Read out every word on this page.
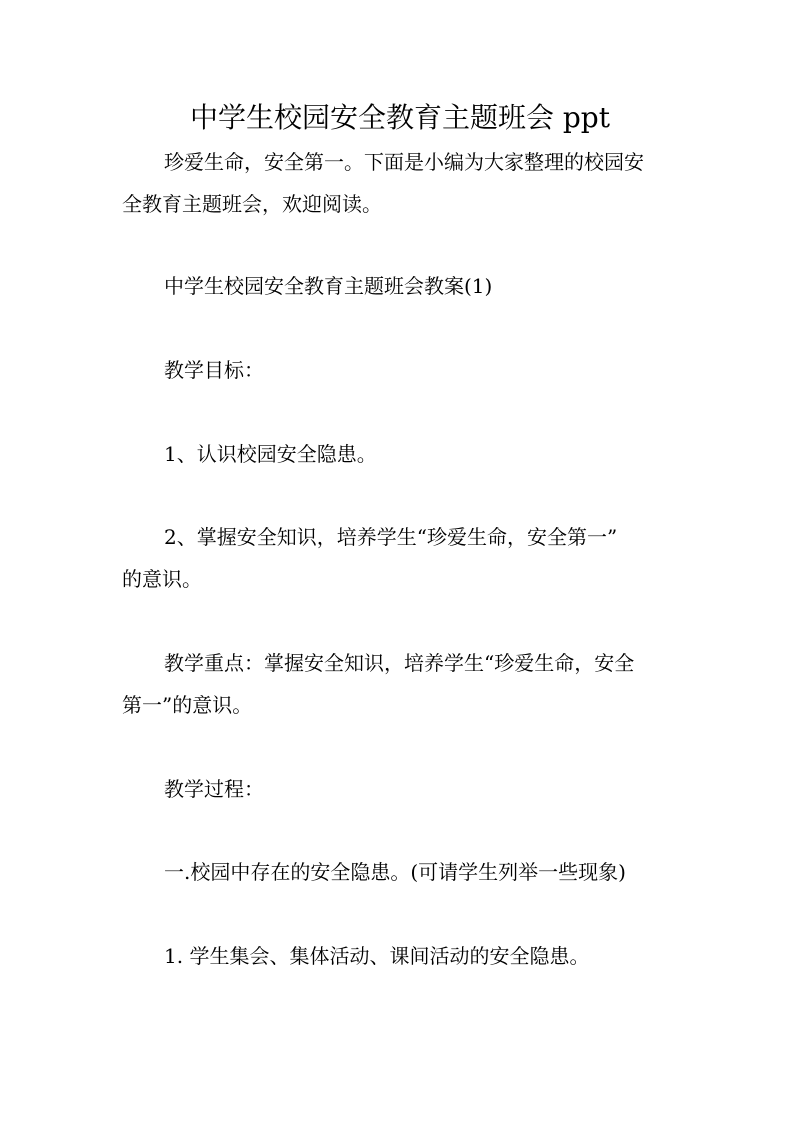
中学生校园安全教育主题班会 ppt
珍爱生命，安全第一。下面是小编为大家整理的校园安
全教育主题班会，欢迎阅读。
中学生校园安全教育主题班会教案(1)
教学目标：
1、认识校园安全隐患。
2、掌握安全知识，培养学生“珍爱生命，安全第一”
的意识。
教学重点：掌握安全知识，培养学生“珍爱生命，安全
第一”的意识。
教学过程：
一.校园中存在的安全隐患。(可请学生列举一些现象)
1. 学生集会、集体活动、课间活动的安全隐患。
